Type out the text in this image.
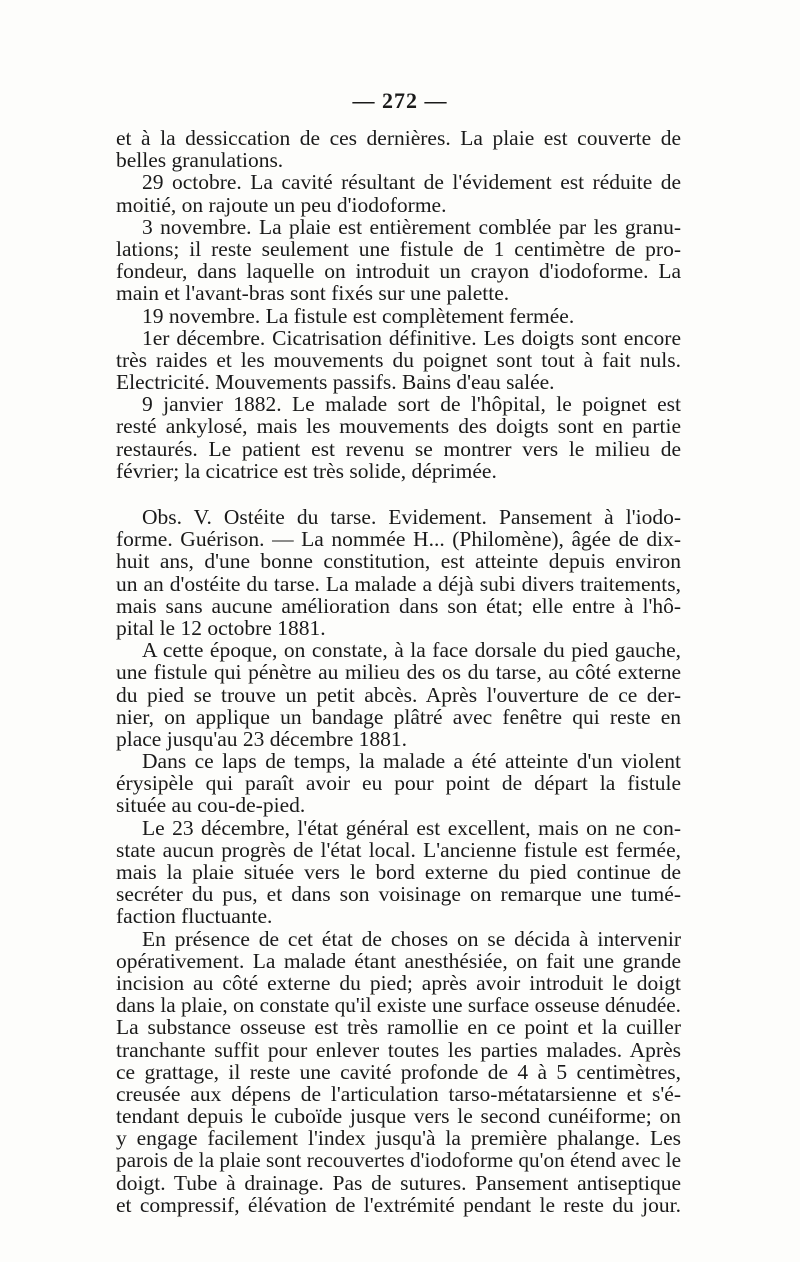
— 272 —
et à la dessiccation de ces dernières. La plaie est couverte de
belles granulations.
29 octobre. La cavité résultant de l'évidement est réduite de
moitié, on rajoute un peu d'iodoforme.
3 novembre. La plaie est entièrement comblée par les granu-
lations; il reste seulement une fistule de 1 centimètre de pro-
fondeur, dans laquelle on introduit un crayon d'iodoforme. La
main et l'avant-bras sont fixés sur une palette.
19 novembre. La fistule est complètement fermée.
1er décembre. Cicatrisation définitive. Les doigts sont encore
très raides et les mouvements du poignet sont tout à fait nuls.
Electricité. Mouvements passifs. Bains d'eau salée.
9 janvier 1882. Le malade sort de l'hôpital, le poignet est
resté ankylosé, mais les mouvements des doigts sont en partie
restaurés. Le patient est revenu se montrer vers le milieu de
février; la cicatrice est très solide, déprimée.
Obs. V. Ostéite du tarse. Evidement. Pansement à l'iodo-
forme. Guérison. — La nommée H... (Philomène), âgée de dix-
huit ans, d'une bonne constitution, est atteinte depuis environ
un an d'ostéite du tarse. La malade a déjà subi divers traitements,
mais sans aucune amélioration dans son état; elle entre à l'hô-
pital le 12 octobre 1881.
A cette époque, on constate, à la face dorsale du pied gauche,
une fistule qui pénètre au milieu des os du tarse, au côté externe
du pied se trouve un petit abcès. Après l'ouverture de ce der-
nier, on applique un bandage plâtré avec fenêtre qui reste en
place jusqu'au 23 décembre 1881.
Dans ce laps de temps, la malade a été atteinte d'un violent
érysipèle qui paraît avoir eu pour point de départ la fistule
située au cou-de-pied.
Le 23 décembre, l'état général est excellent, mais on ne con-
state aucun progrès de l'état local. L'ancienne fistule est fermée,
mais la plaie située vers le bord externe du pied continue de
secréter du pus, et dans son voisinage on remarque une tumé-
faction fluctuante.
En présence de cet état de choses on se décida à intervenir
opérativement. La malade étant anesthésiée, on fait une grande
incision au côté externe du pied; après avoir introduit le doigt
dans la plaie, on constate qu'il existe une surface osseuse dénudée.
La substance osseuse est très ramollie en ce point et la cuiller
tranchante suffit pour enlever toutes les parties malades. Après
ce grattage, il reste une cavité profonde de 4 à 5 centimètres,
creusée aux dépens de l'articulation tarso-métatarsienne et s'é-
tendant depuis le cuboïde jusque vers le second cunéiforme; on
y engage facilement l'index jusqu'à la première phalange. Les
parois de la plaie sont recouvertes d'iodoforme qu'on étend avec le
doigt. Tube à drainage. Pas de sutures. Pansement antiseptique
et compressif, élévation de l'extrémité pendant le reste du jour.
